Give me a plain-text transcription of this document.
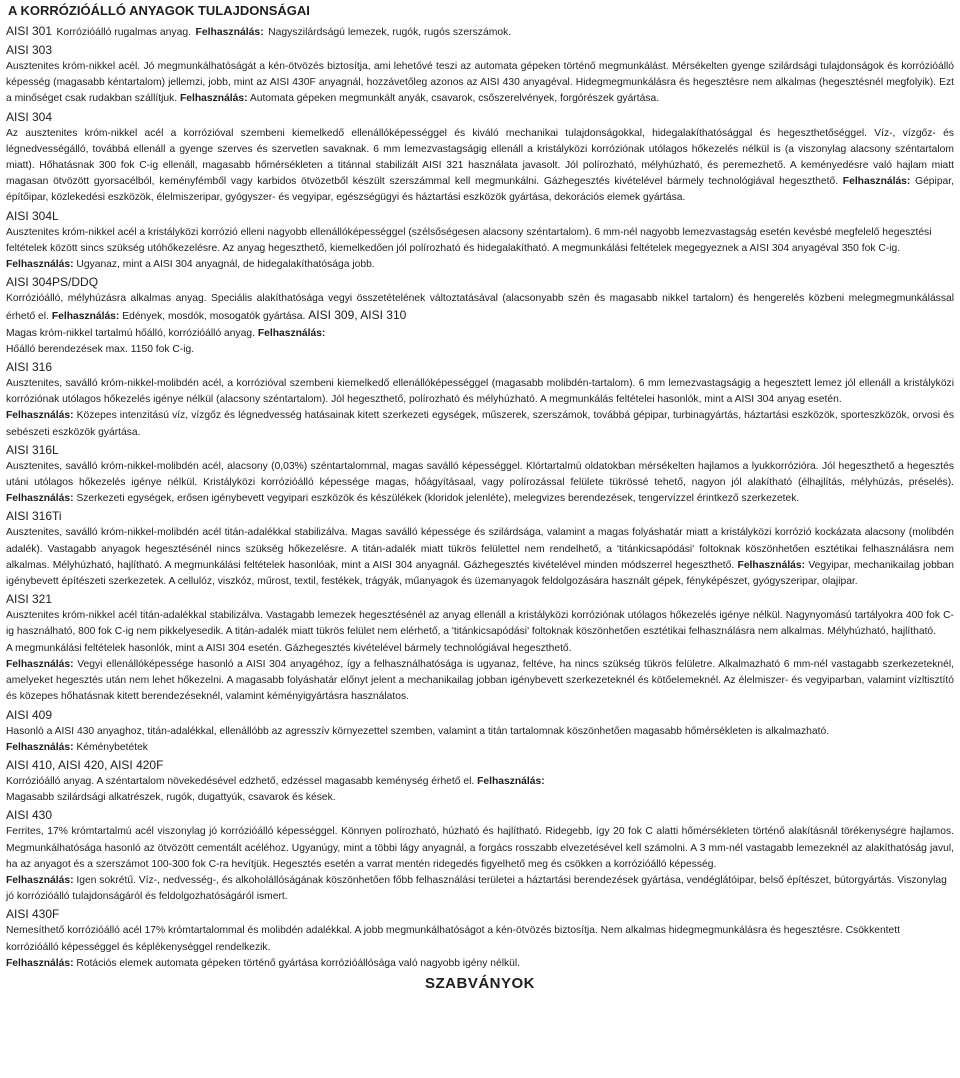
A KORRÓZIÓÁLLÓ ANYAGOK TULAJDONSÁGAI
AISI 301 Korrózióálló rugalmas anyag. Felhasználás: Nagyszilárdságú lemezek, rugók, rugós szerszámok.
AISI 303

Ausztenites króm-nikkel acél. Jó megmunkálhatóságát a kén-ötvözés biztosítja, ami lehetővé teszi az automata gépeken történő megmunkálást. Mérsékelten gyenge szilárdsági tulajdonságok és korrózióálló képesség (magasabb kéntartalom) jellemzi, jobb, mint az AISI 430F anyagnál, hozzávetőleg azonos az AISI 430 anyagéval. Hidegmegmunkálásra és hegesztésre nem alkalmas (hegesztésnél megfolyik). Ezt a minőséget csak rudakban szállítjuk. Felhasználás: Automata gépeken megmunkált anyák, csavarok, csőszerelvények, forgórészek gyártása.

AISI 304

Az ausztenites króm-nikkel acél a korrózióval szembeni kiemelkedő ellenállóképességgel és kiváló mechanikai tulajdonságokkal, hidegalakíthatósággal és hegeszthetőséggel. Víz-, vízgőz- és légnedvességálló, továbbá ellenáll a gyenge szerves és szervetlen savaknak. 6 mm lemezvastagságig ellenáll a kristályközi korróziónak utólagos hőkezelés nélkül is (a viszonylag alacsony széntartalom miatt). Hőhatásnak 300 fok C-ig ellenáll, magasabb hőmérsékleten a titánnal stabilizált AISI 321 használata javasolt. Jól polírozható, mélyhúzható, és peremezhető. A keményedésre való hajlam miatt magasan ötvözött gyorsacélból, keményfémből vagy karbidos ötvözetből készült szerszámmal kell megmunkálni. Gázhegesztés kivételével bármely technológiával hegeszthető. Felhasználás: Gépipar, építőipar, közlekedési eszközök, élelmiszeripar, gyógyszer- és vegyipar, egészségügyi és háztartási eszközök gyártása, dekorációs elemek gyártása.

AISI 304L

Ausztenites króm-nikkel acél a kristályközi korrózió elleni nagyobb ellenállóképességgel (szélsőségesen alacsony széntartalom). 6 mm-nél nagyobb lemezvastagság esetén kevésbé megfelelő hegesztési feltételek között sincs szükség utóhőkezelésre. Az anyag hegeszthető, kiemelkedően jól polírozható és hidegalakítható. A megmunkálási feltételek megegyeznek a AISI 304 anyagéval 350 fok C-ig. Felhasználás: Ugyanaz, mint a AISI 304 anyagnál, de hidegalakíthatósága jobb.

AISI 304PS/DDQ

Korrózióálló, mélyhúzásra alkalmas anyag. Speciális alakíthatósága vegyi összetételének változtatásával (alacsonyabb szén és magasabb nikkel tartalom) és hengerelés közbeni melegmegmunkálással érhető el. Felhasználás: Edények, mosdók, mosogatók gyártása. AISI 309, AISI 310

Magas króm-nikkel tartalmú hőálló, korrózióálló anyag. Felhasználás:

Hőálló berendezések max. 1150 fok C-ig.

AISI 316

Ausztenites, saválló króm-nikkel-molibdén acél, a korrózióval szembeni kiemelkedő ellenállóképességgel (magasabb molibdén-tartalom). 6 mm lemezvastagságig a hegesztett lemez jól ellenáll a kristályközi korróziónak utólagos hőkezelés igénye nélkül (alacsony széntartalom). Jól hegeszthető, polírozható és mélyhúzható. A megmunkálás feltételei hasonlók, mint a AISI 304 anyag esetén.

Felhasználás: Közepes intenzitású víz, vízgőz és légnedvesség hatásainak kitett szerkezeti egységek, műszerek, szerszámok, továbbá gépipar, turbinagyártás, háztartási eszközök, sporteszközök, orvosi és sebészeti eszközök gyártása.

AISI 316L

Ausztenites, saválló króm-nikkel-molibdén acél, alacsony (0,03%) széntartalommal, magas saválló képességgel. Klórtartalmú oldatokban mérsékelten hajlamos a lyukkorrózióra. Jól hegeszthető a hegesztés utáni utólagos hőkezelés igénye nélkül. Kristályközi korrózióálló képessége magas, hőágyításaal, vagy polírozással felülete tükrössé tehető, nagyon jól alakítható (élhajlítás, mélyhúzás, préselés). Felhasználás: Szerkezeti egységek, erősen igénybevett vegyipari eszközök és készülékek (kloridok jelenléte), melegvizes berendezések, tengervízzel érintkező szerkezetek.

AISI 316Ti

Ausztenites, saválló króm-nikkel-molibdén acél titán-adalékkal stabilizálva. Magas saválló képessége és szilárdsága, valamint a magas folyáshatár miatt a kristályközi korrózió kockázata alacsony (molibdén adalék). Vastagabb anyagok hegesztésénél nincs szükség hőkezelésre. A titán-adalék miatt tükrös felülettel nem rendelhető, a 'titánkicsapódási' foltoknak köszönhetően esztétikai felhasználásra nem alkalmas. Mélyhúzható, hajlítható. A megmunkálási feltételek hasonlóak, mint a AISI 304 anyagnál. Gázhegesztés kivételével minden módszerrel hegeszthető. Felhasználás: Vegyipar, mechanikailag jobban igénybevett építészeti szerkezetek. A cellulóz, viszkóz, műrost, textil, festékek, trágyák, műanyagok és üzemanyagok feldolgozására használt gépek, fényképészet, gyógyszeripar, olajipar.

AISI 321

Ausztenites króm-nikkel acél titán-adalékkal stabilizálva. Vastagabb lemezek hegesztésénél az anyag ellenáll a kristályközi korróziónak utólagos hőkezelés igénye nélkül. Nagynyomású tartályokra 400 fok C-ig használható, 800 fok C-ig nem pikkelyesedik. A titán-adalék miatt tükrös felület nem elérhető, a 'titánkicsapódási' foltoknak köszönhetően esztétikai felhasználásra nem alkalmas. Mélyhúzható, hajlítható.

A megmunkálási feltételek hasonlók, mint a AISI 304 esetén. Gázhegesztés kivételével bármely technológiával hegeszthető.

Felhasználás: Vegyi ellenállóképessége hasonló a AISI 304 anyagéhoz, így a felhasználhatósága is ugyanaz, feltéve, ha nincs szükség tükrös felületre. Alkalmazható 6 mm-nél vastagabb szerkezeteknél, amelyeket hegesztés után nem lehet hőkezelni. A magasabb folyáshatár előnyt jelent a mechanikailag jobban igénybevett szerkezeteknél és kötőelemeknél. Az élelmiszer- és vegyiparban, valamint vízltisztító és közepes hőhatásnak kitett berendezéseknél, valamint kéményigyártásra használatos.

AISI 409

Hasonló a AISI 430 anyaghoz, titán-adalékkal, ellenállóbb az agresszív környezettel szemben, valamint a titán tartalomnak köszönhetően magasabb hőmérsékleten is alkalmazható.

Felhasználás: Kéménybetétek

AISI 410, AISI 420, AISI 420F

Korrózióálló anyag. A széntartalom növekedésével edzhető, edzéssel magasabb keménység érhető el. Felhasználás:

Magasabb szilárdsági alkatrészek, rugók, dugattyúk, csavarok és kések.

AISI 430

Ferrites, 17% krómtartalmú acél viszonylag jó korrózióálló képességgel. Könnyen polírozható, húzható és hajlítható. Ridegebb, így 20 fok C alatti hőmérsékleten történő alakításnál törékenységre hajlamos. Megmunkálhatósága hasonló az ötvözött cementált acéléhoz. Ugyanúgy, mint a többi lágy anyagnál, a forgács rosszabb elvezetésével kell számolni. A 3 mm-nél vastagabb lemezeknél az alakíthatóság javul, ha az anyagot és a szerszámot 100-300 fok C-ra hevítjük. Hegesztés esetén a varrat mentén ridegedés figyelhető meg és csökken a korrózióálló képesség.

Felhasználás: Igen sokrétű. Víz-, nedvesség-, és alkoholállóságának köszönhetően főbb felhasználási területei a háztartási berendezések gyártása, vendéglátóipar, belső építészet, bútorgyártás. Viszonylag jó korrózióálló tulajdonságáról és feldolgozhatóságáról ismert.

AISI 430F

Nemesíthető korrózióálló acél 17% krómtartalommal és molibdén adalékkal. A jobb megmunkálhatóságot a kén-ötvözés biztosítja. Nem alkalmas hidegmegmunkálásra és hegesztésre. Csökkentett korrózióálló képességgel és képlékenységgel rendelkezik.

Felhasználás: Rotációs elemek automata gépeken történő gyártása korrózióállósága való nagyobb igény nélkül.

SZABVÁNYOK
